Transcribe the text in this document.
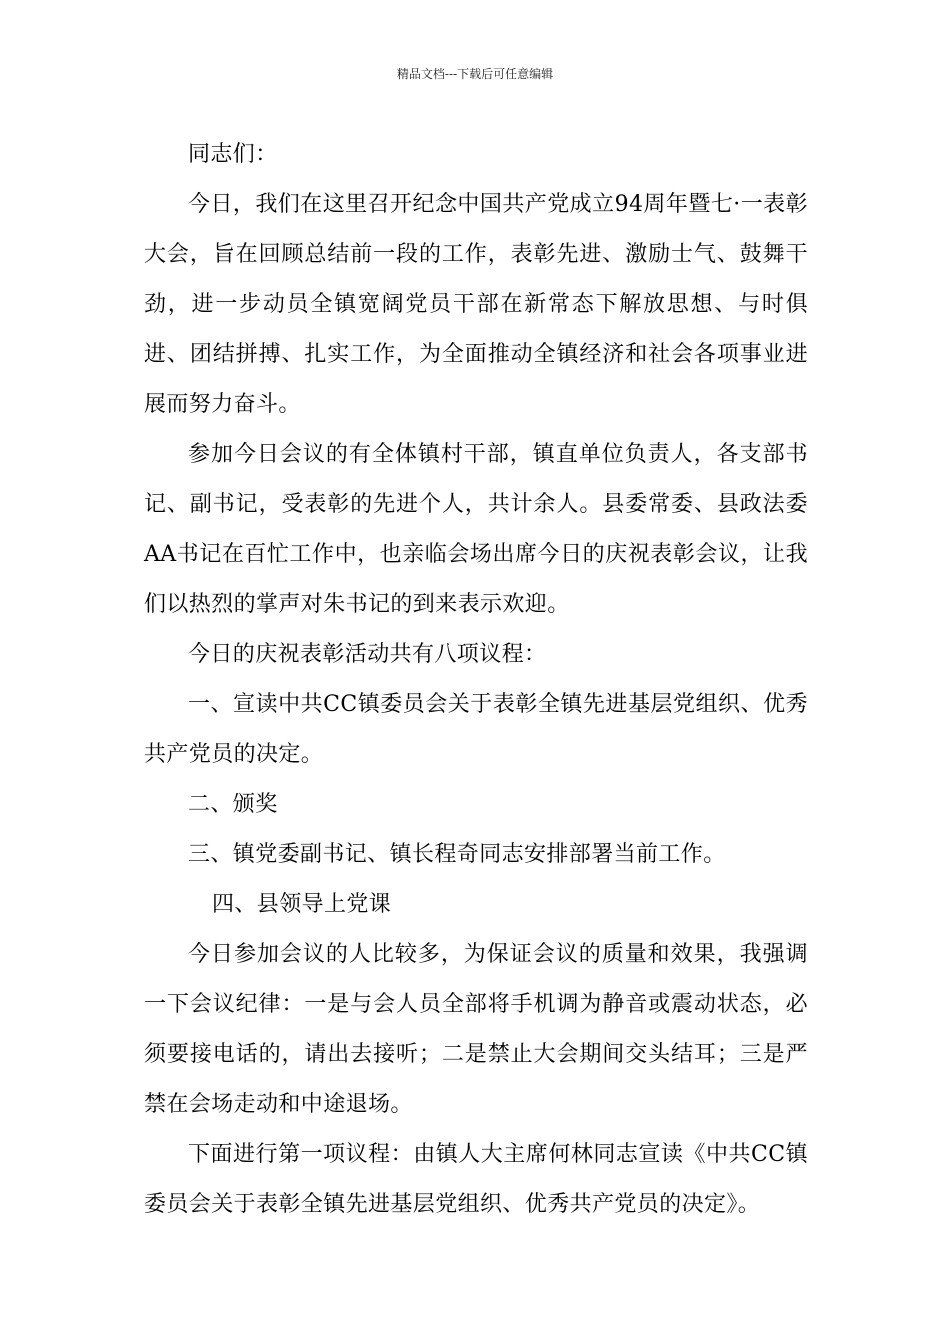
精品文档---下载后可任意编辑

同志们：

今日，我们在这里召开纪念中国共产党成立94周年暨七·一表彰大会，旨在回顾总结前一段的工作，表彰先进、激励士气、鼓舞干劲，进一步动员全镇宽阔党员干部在新常态下解放思想、与时俱进、团结拼搏、扎实工作，为全面推动全镇经济和社会各项事业进展而努力奋斗。

参加今日会议的有全体镇村干部，镇直单位负责人，各支部书记、副书记，受表彰的先进个人，共计余人。县委常委、县政法委AA书记在百忙工作中，也亲临会场出席今日的庆祝表彰会议，让我们以热烈的掌声对朱书记的到来表示欢迎。

今日的庆祝表彰活动共有八项议程：

一、宣读中共CC镇委员会关于表彰全镇先进基层党组织、优秀共产党员的决定。

二、颁奖

三、镇党委副书记、镇长程奇同志安排部署当前工作。

四、县领导上党课

今日参加会议的人比较多，为保证会议的质量和效果，我强调一下会议纪律：一是与会人员全部将手机调为静音或震动状态，必须要接电话的，请出去接听；二是禁止大会期间交头结耳；三是严禁在会场走动和中途退场。

下面进行第一项议程：由镇人大主席何林同志宣读《中共CC镇委员会关于表彰全镇先进基层党组织、优秀共产党员的决定》。
